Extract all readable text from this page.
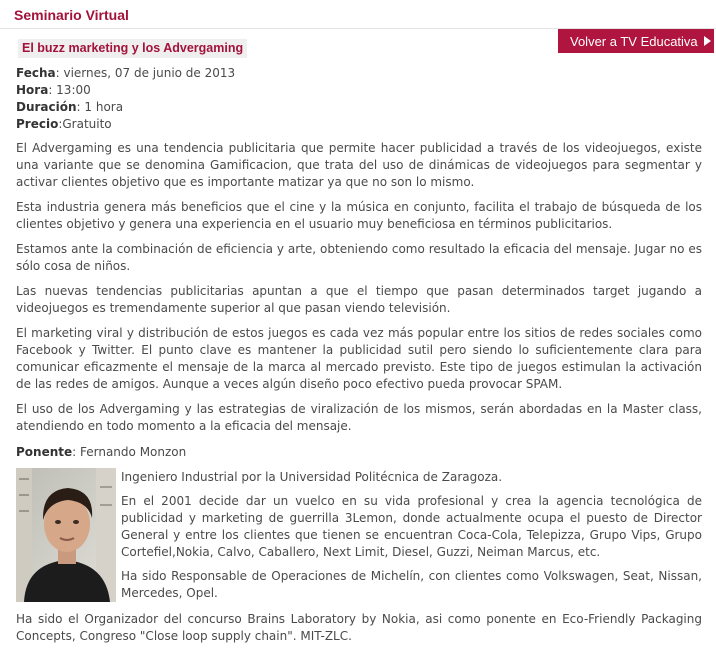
Seminario Virtual
Volver a TV Educativa
El buzz marketing y los Advergaming
Fecha: viernes, 07 de junio de 2013
Hora: 13:00
Duración: 1 hora
Precio:Gratuito

El Advergaming es una tendencia publicitaria que permite hacer publicidad a través de los videojuegos, existe una variante que se denomina Gamificacion, que trata del uso de dinámicas de videojuegos para segmentar y activar clientes objetivo que es importante matizar ya que no son lo mismo.

Esta industria genera más beneficios que el cine y la música en conjunto, facilita el trabajo de búsqueda de los clientes objetivo y genera una experiencia en el usuario muy beneficiosa en términos publicitarios.

Estamos ante la combinación de eficiencia y arte, obteniendo como resultado la eficacia del mensaje. Jugar no es sólo cosa de niños.

Las nuevas tendencias publicitarias apuntan a que el tiempo que pasan determinados target jugando a videojuegos es tremendamente superior al que pasan viendo televisión.

El marketing viral y distribución de estos juegos es cada vez más popular entre los sitios de redes sociales como Facebook y Twitter. El punto clave es mantener la publicidad sutil pero siendo lo suficientemente clara para comunicar eficazmente el mensaje de la marca al mercado previsto. Este tipo de juegos estimulan la activación de las redes de amigos. Aunque a veces algún diseño poco efectivo pueda provocar SPAM.

El uso de los Advergaming y las estrategias de viralización de los mismos, serán abordadas en la Master class, atendiendo en todo momento a la eficacia del mensaje.

Ponente: Fernando Monzon

Ingeniero Industrial por la Universidad Politécnica de Zaragoza.

En el 2001 decide dar un vuelco en su vida profesional y crea la agencia tecnológica de publicidad y marketing de guerrilla 3Lemon, donde actualmente ocupa el puesto de Director General y entre los clientes que tienen se encuentran Coca-Cola, Telepizza, Grupo Vips, Grupo Cortefiel,Nokia, Calvo, Caballero, Next Limit, Diesel, Guzzi, Neiman Marcus, etc.

Ha sido Responsable de Operaciones de Michelín, con clientes como Volkswagen, Seat, Nissan, Mercedes, Opel.

Ha sido el Organizador del concurso Brains Laboratory by Nokia, asi como ponente en Eco-Friendly Packaging Concepts, Congreso "Close loop supply chain". MIT-ZLC.
